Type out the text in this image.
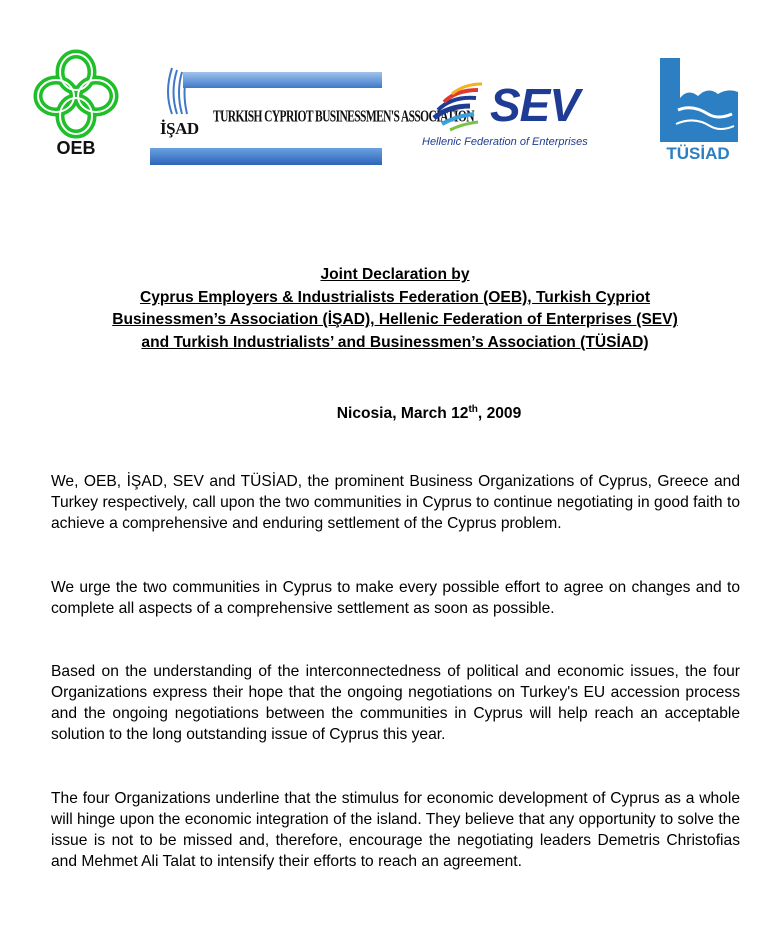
OEB
İŞAD
TURKISH CYPRIOT BUSINESSMEN'S ASSOCIATION SEV
Hellenic Federation of Enterprises
TÜSİAD
Joint Declaration by
Cyprus Employers & Industrialists Federation (OEB), Turkish Cypriot
Businessmen’s Association (İŞAD), Hellenic Federation of Enterprises (SEV)
and Turkish Industrialists’ and Businessmen’s Association (TÜSİAD)
Nicosia, March 12th, 2009

We, OEB, İŞAD, SEV and TÜSİAD, the prominent Business Organizations of Cyprus, Greece and Turkey respectively, call upon the two communities in Cyprus to continue negotiating in good faith to achieve a comprehensive and enduring settlement of the Cyprus problem.

We urge the two communities in Cyprus to make every possible effort to agree on changes and to complete all aspects of a comprehensive settlement as soon as possible.

Based on the understanding of the interconnectedness of political and economic issues, the four Organizations express their hope that the ongoing negotiations on Turkey's EU accession process and the ongoing negotiations between the communities in Cyprus will help reach an acceptable solution to the long outstanding issue of Cyprus this year.

The four Organizations underline that the stimulus for economic development of Cyprus as a whole will hinge upon the economic integration of the island. They believe that any opportunity to solve the issue is not to be missed and, therefore, encourage the negotiating leaders Demetris Christofias and Mehmet Ali Talat to intensify their efforts to reach an agreement.
